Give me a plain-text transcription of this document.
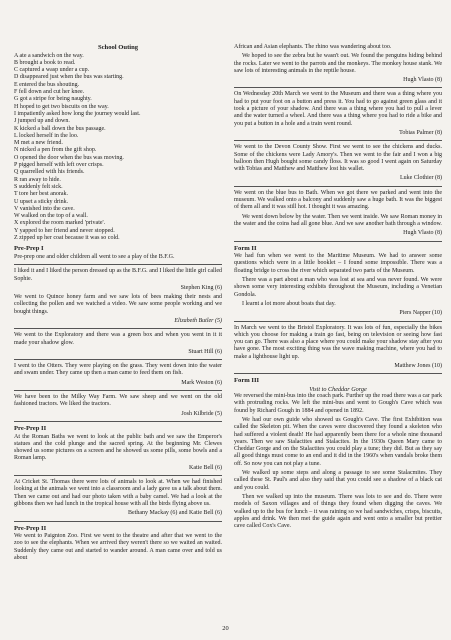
School Outing
A ate a sandwich on the way.
B brought a book to read.
C captured a wasp under a cup.
D disappeared just when the bus was starting.
E entered the bus shouting.
F fell down and cut her knee.
G got a stripe for being naughty.
H hoped to get two biscuits on the way.
I impatiently asked how long the journey would last.
J jumped up and down.
K kicked a ball down the bus passage.
L locked herself in the loo.
M met a new friend.
N nicked a pen from the gift shop.
O opened the door when the bus was moving.
P pigged herself with left over crisps.
Q quarrelled with his friends.
R ran away to hide.
S suddenly felt sick.
T tore her best anorak.
U upset a sticky drink.
V vanished into the cave.
W walked on the top of a wall.
X explored the room marked 'private'.
Y yapped to her friend and never stopped.
Z zipped up her coat because it was so cold.
Pre-Prep I

Pre-prep one and older children all went to see a play of the B.F.G.

I liked it and I liked the person dressed up as the B.F.G. and I liked the little girl called Sophie.

Stephen King (6)

We went to Quince honey farm and we saw lots of bees making their nests and collecting the pollen and we watched a video. We saw some people working and we bought things.

Elizabeth Butler (5)

We went to the Exploratory and there was a green box and when you went in it it made your shadow glow.

Stuart Hill (6)

I went to the Otters. They were playing on the grass. They went down into the water and swam under. They came up then a man came to feed them on fish.

Mark Weston (6)

We have been to the Milky Way Farm. We saw sheep and we went on the old fashioned tractors. We liked the tractors.

Josh Kilbride (5)
Pre-Prep II

At the Roman Baths we went to look at the public bath and we saw the Emperor's statues and the cold plunge and the sacred spring. At the beginning Mr. Clewes showed us some pictures on a screen and he showed us some pills, some bowls and a Roman lamp.

Katie Bell (6)

At Cricket St. Thomas there were lots of animals to look at. When we had finished looking at the animals we went into a classroom and a lady gave us a talk about them. Then we came out and had our photo taken with a baby camel. We had a look at the gibbons then we had lunch in the tropical house with all the birds flying above us.

Bethany Mackay (6) and Katie Bell (6)
Pre-Prep II

We went to Paignton Zoo. First we went to the theatre and after that we went to the zoo to see the elephants. When we arrived they weren't there so we waited an waited. Suddenly they came out and started to wander around. A man came over and told us about

African and Asian elephants. The rhino was wandering about too.

We hoped to see the zebra but he wasn't out. We found the penguins hiding behind the rocks. Later we went to the parrots and the monkeys. The monkey house stank. We saw lots of interesting animals in the reptile house.

Hugh Vlasto (8)

On Wednesday 20th March we went to the Museum and there was a thing where you had to put your foot on a button and press it. You had to go against green glass and it took a picture of your shadow. And there was a thing where you had to pull a lever and the water turned a wheel. And there was a thing where you had to ride a bike and you put a button in a hole and a train went round.

Tobias Palmer (8)

We went to the Devon County Show. First we went to see the chickens and ducks. Some of the chickens were Lady Amory's. Then we went to the fair and I won a big balloon then Hugh bought some candy floss. It was so good I went again on Saturday with Tobias and Matthew and Matthew lost his wallet.

Luke Clothier (8)

We went on the blue bus to Bath. When we got there we parked and went into the museum. We walked onto a balcony and suddenly saw a huge bath. It was the biggest of them all and it was still hot. I thought it was amazing.

We went down below by the water. Then we went inside. We saw Roman money in the water and the coins had all gone blue. And we saw another bath through a window.

Hugh Vlasto (8)
Form II

We had fun when we went to the Maritime Museum. We had to answer some questions which were in a little booklet – I found some impossible. There was a floating bridge to cross the river which separated two parts of the Museum.

There was a part about a man who was lost at sea and was never found. We were shown some very interesting exhibits throughout the Museum, including a Venetian Gondola.

I learnt a lot more about boats that day.

Piers Napper (10)

In March we went to the Bristol Exploratory. It was lots of fun, especially the bikes which you choose for making a train go fast, being on television or seeing how fast you can go. There was also a place where you could make your shadow stay after you have gone. The most exciting thing was the wave making machine, where you had to make a lighthouse light up.

Matthew Jones (10)
Form III
Visit to Cheddar Gorge

We reversed the mini-bus into the coach park. Further up the road there was a car park with protruding rocks. We left the mini-bus and went to Gough's Cave which was found by Richard Gough in 1884 and opened in 1892.

We had our own guide who showed us Gough's Cave. The first Exhibition was called the Skeleton pit. When the caves were discovered they found a skeleton who had suffered a violent death! He had apparently been there for a whole nine thousand years. Then we saw Stalactites and Stalacites. In the 1930s Queen Mary came to Cheddar Gorge and on the Stalactites you could play a tune; they did. But as they say all good things must come to an end and it did in the 1960's when vandals broke them off. So now you can not play a tune.

We walked up some steps and along a passage to see some Stalacmites. They called these St. Paul's and also they said that you could see a shadow of a black cat and you could.

Then we walked up into the museum. There was lots to see and do. There were models of Saxon villages and of things they found when digging the caves. We walked up to the bus for lunch – it was raining so we had sandwiches, crisps, biscuits, apples and drink. We then met the guide again and went onto a smaller but prettier cave called Cox's Cave.

20
